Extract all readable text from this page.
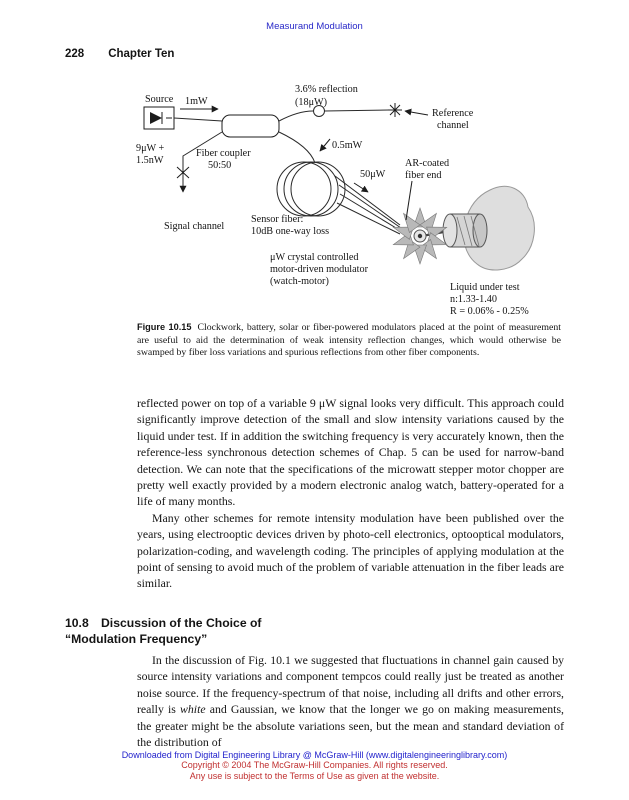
Measurand Modulation
228 Chapter Ten
Source 1mW
Fiber coupler
50:50
9μW +
1.5nW
Signal channel
3.6% reflection
(18μW)
Reference
channel
0.5mW
Sensor fiber:
10dB one-way loss
50μW
AR-coated
fiber end
μW crystal controlled
motor-driven modulator
(watch-motor)
Liquid under test
n:1.33-1.40
R = 0.06% - 0.25%
Figure 10.15 Clockwork, battery, solar or fiber-powered modulators placed at the point of measurement are useful to aid the determination of weak intensity reflection changes, which would otherwise be swamped by fiber loss variations and spurious reflections from other fiber components.

reflected power on top of a variable 9 μW signal looks very difficult. This approach could significantly improve detection of the small and slow intensity variations caused by the liquid under test. If in addition the switching frequency is very accurately known, then the reference-less synchronous detection schemes of Chap. 5 can be used for narrow-band detection. We can note that the specifications of the microwatt stepper motor chopper are pretty well exactly provided by a modern electronic analog watch, battery-operated for a life of many months.

Many other schemes for remote intensity modulation have been published over the years, using electrooptic devices driven by photo-cell electronics, optooptical modulators, polarization-coding, and wavelength coding. The principles of applying modulation at the point of sensing to avoid much of the problem of variable attenuation in the fiber leads are similar.

10.8 Discussion of the Choice of
“Modulation Frequency”

In the discussion of Fig. 10.1 we suggested that fluctuations in channel gain caused by source intensity variations and component tempcos could really just be treated as another noise source. If the frequency-spectrum of that noise, including all drifts and other errors, really is white and Gaussian, we know that the longer we go on making measurements, the greater might be the absolute variations seen, but the mean and standard deviation of the distribution of

Downloaded from Digital Engineering Library @ McGraw-Hill (www.digitalengineeringlibrary.com)
Copyright © 2004 The McGraw-Hill Companies. All rights reserved.
Any use is subject to the Terms of Use as given at the website.
